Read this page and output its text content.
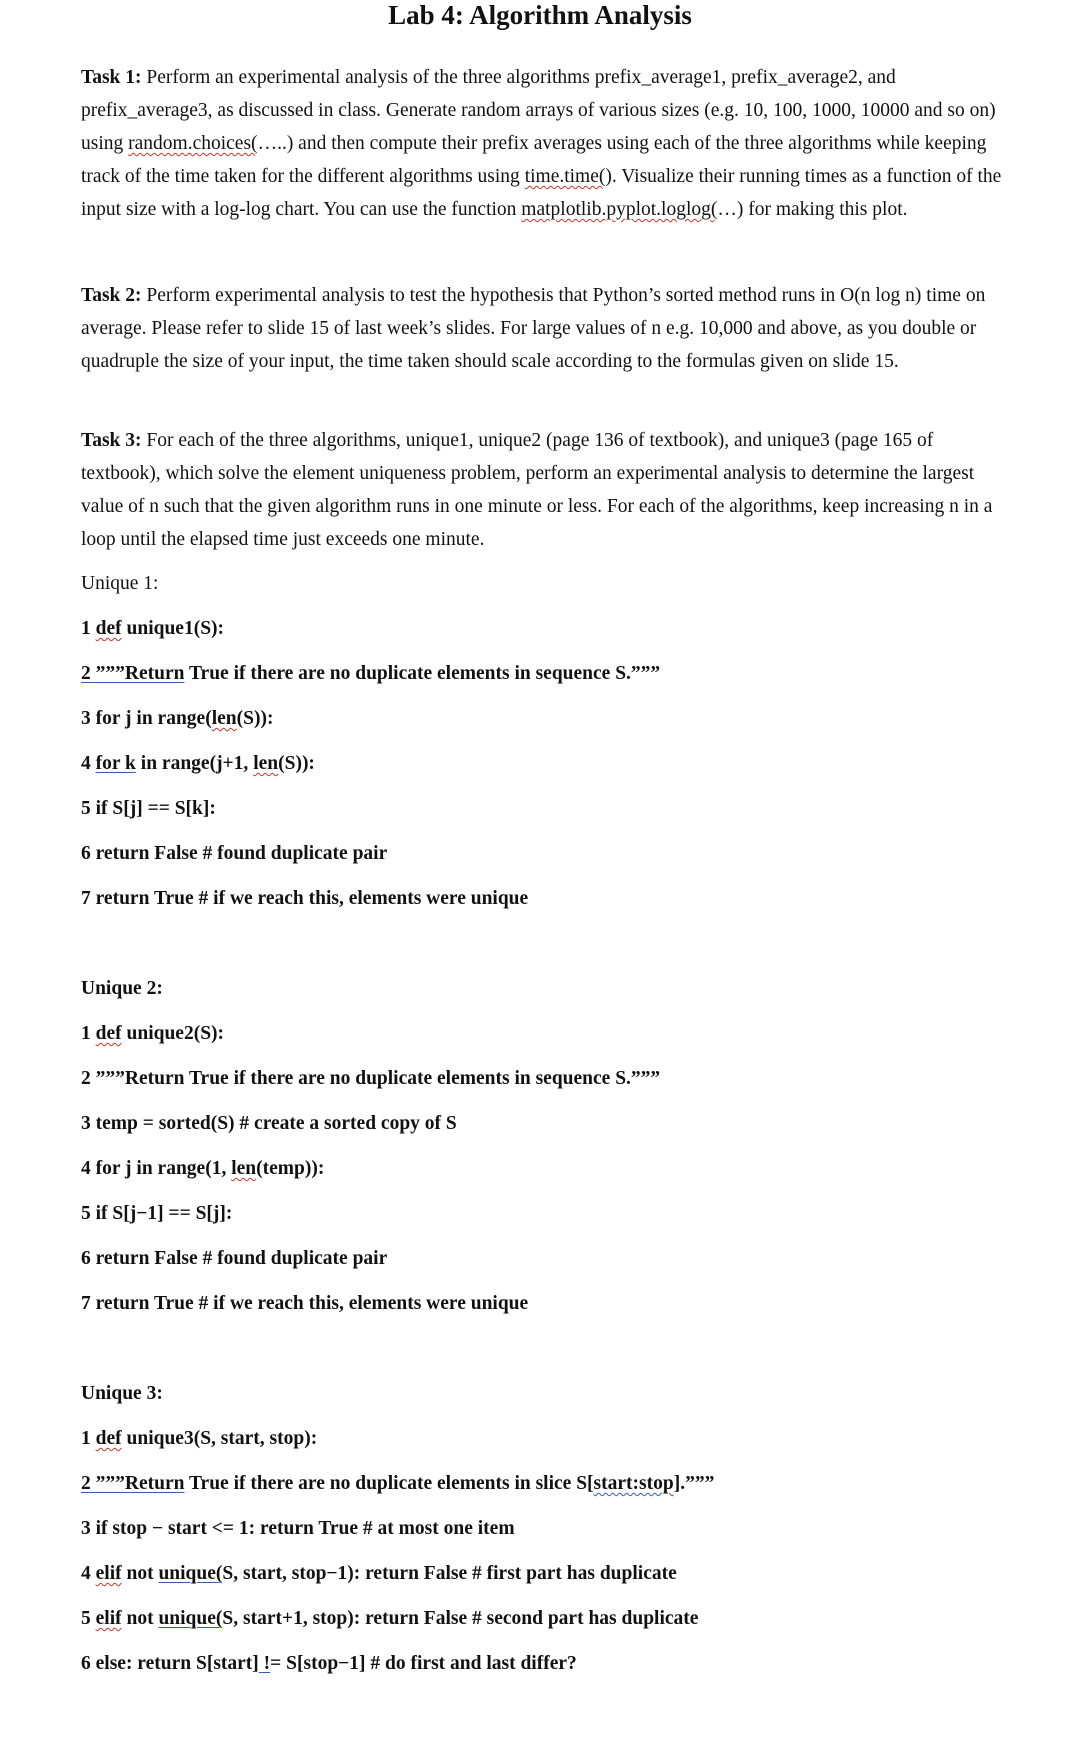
Lab 4: Algorithm Analysis

Task 1: Perform an experimental analysis of the three algorithms prefix_average1, prefix_average2, and prefix_average3, as discussed in class. Generate random arrays of various sizes (e.g. 10, 100, 1000, 10000 and so on) using random.choices(…..) and then compute their prefix averages using each of the three algorithms while keeping track of the time taken for the different algorithms using time.time(). Visualize their running times as a function of the input size with a log-log chart. You can use the function matplotlib.pyplot.loglog(…) for making this plot.

Task 2: Perform experimental analysis to test the hypothesis that Python’s sorted method runs in O(n log n) time on average. Please refer to slide 15 of last week’s slides. For large values of n e.g. 10,000 and above, as you double or quadruple the size of your input, the time taken should scale according to the formulas given on slide 15.

Task 3: For each of the three algorithms, unique1, unique2 (page 136 of textbook), and unique3 (page 165 of textbook), which solve the element uniqueness problem, perform an experimental analysis to determine the largest value of n such that the given algorithm runs in one minute or less. For each of the algorithms, keep increasing n in a loop until the elapsed time just exceeds one minute.

Unique 1:

1 def unique1(S):

2 ”””Return True if there are no duplicate elements in sequence S.”””

3 for j in range(len(S)):

4 for k in range(j+1, len(S)):

5 if S[j] == S[k]:

6 return False # found duplicate pair

7 return True # if we reach this, elements were unique

Unique 2:

1 def unique2(S):

2 ”””Return True if there are no duplicate elements in sequence S.”””

3 temp = sorted(S) # create a sorted copy of S

4 for j in range(1, len(temp)):

5 if S[j−1] == S[j]:

6 return False # found duplicate pair

7 return True # if we reach this, elements were unique

Unique 3:

1 def unique3(S, start, stop):

2 ”””Return True if there are no duplicate elements in slice S[start:stop].”””

3 if stop − start <= 1: return True # at most one item

4 elif not unique(S, start, stop−1): return False # first part has duplicate

5 elif not unique(S, start+1, stop): return False # second part has duplicate

6 else: return S[start] != S[stop−1] # do first and last differ?
